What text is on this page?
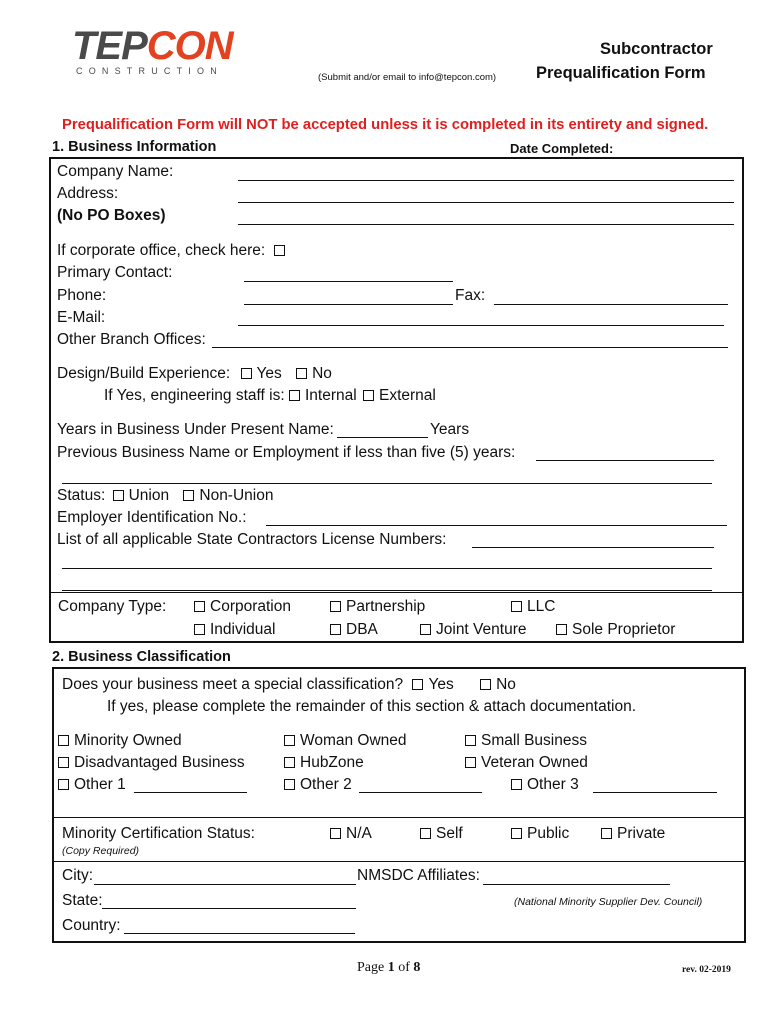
TEPCON
CONSTRUCTION
(Submit and/or email to info@tepcon.com)
Subcontractor
Prequalification Form
Prequalification Form will NOT be accepted unless it is completed in its entirety and signed.
1. Business Information	Date Completed:
Company Name:
Address:
(No PO Boxes)
If corporate office, check here:
Primary Contact:
Phone:	Fax:
E-Mail:
Other Branch Offices:
Design/Build Experience: Yes No
If Yes, engineering staff is: Internal External
Years in Business Under Present Name:	Years
Previous Business Name or Employment if less than five (5) years:
Status: Union Non-Union
Employer Identification No.:
List of all applicable State Contractors License Numbers:
Company Type:	Corporation	Partnership	LLC
Individual	DBA	Joint Venture	Sole Proprietor
2. Business Classification
Does your business meet a special classification? Yes	No
If yes, please complete the remainder of this section & attach documentation.
Minority Owned	Woman Owned	Small Business
Disadvantaged Business	HubZone	Veteran Owned
Other 1	Other 2	Other 3
Minority Certification Status:
(Copy Required)
N/A	Self	Public	Private
City:	NMSDC Affiliates:
State:	(National Minority Supplier Dev. Council)
Country:
Page 1 of 8	rev. 02-2019
